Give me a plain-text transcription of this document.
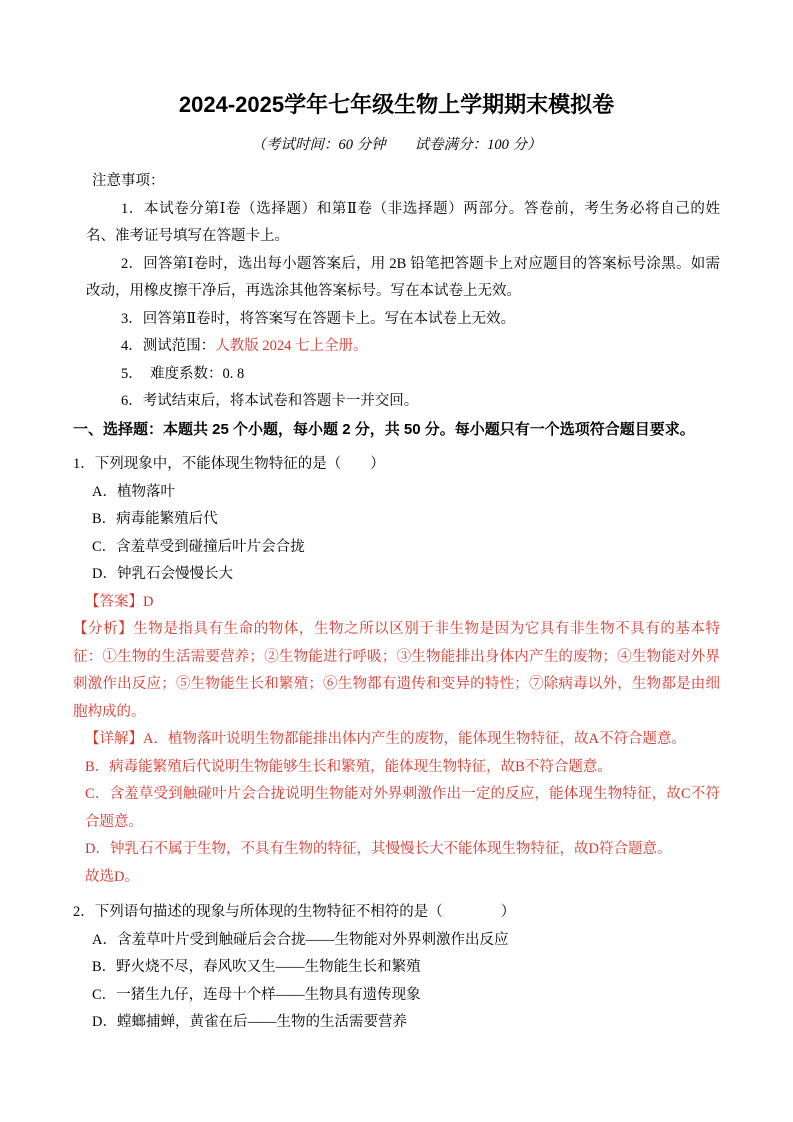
2024-2025学年七年级生物上学期期末模拟卷

（考试时间：60 分钟　　试卷满分：100 分）

注意事项：

1．本试卷分第Ⅰ卷（选择题）和第Ⅱ卷（非选择题）两部分。答卷前，考生务必将自己的姓名、准考证号填写在答题卡上。

2．回答第Ⅰ卷时，选出每小题答案后，用 2B 铅笔把答题卡上对应题目的答案标号涂黑。如需改动，用橡皮擦干净后，再选涂其他答案标号。写在本试卷上无效。

3．回答第Ⅱ卷时，将答案写在答题卡上。写在本试卷上无效。

4．测试范围：人教版 2024 七上全册。

5．　难度系数：0. 8

6．考试结束后，将本试卷和答题卡一并交回。

一、选择题：本题共 25 个小题，每小题 2 分，共 50 分。每小题只有一个选项符合题目要求。

1．下列现象中，不能体现生物特征的是（　　）

A．植物落叶

B．病毒能繁殖后代

C．含羞草受到碰撞后叶片会合拢

D．钟乳石会慢慢长大

【答案】D

【分析】生物是指具有生命的物体，生物之所以区别于非生物是因为它具有非生物不具有的基本特征：①生物的生活需要营养；②生物能进行呼吸；③生物能排出身体内产生的废物；④生物能对外界刺激作出反应；⑤生物能生长和繁殖；⑥生物都有遗传和变异的特性；⑦除病毒以外，生物都是由细胞构成的。

【详解】A．植物落叶说明生物都能排出体内产生的废物，能体现生物特征，故A不符合题意。

B．病毒能繁殖后代说明生物能够生长和繁殖，能体现生物特征，故B不符合题意。

C．含羞草受到触碰叶片会合拢说明生物能对外界刺激作出一定的反应，能体现生物特征，故C不符合题意。

D．钟乳石不属于生物，不具有生物的特征，其慢慢长大不能体现生物特征，故D符合题意。

故选D。

2．下列语句描述的现象与所体现的生物特征不相符的是（　　　　）

A．含羞草叶片受到触碰后会合拢——生物能对外界刺激作出反应

B．野火烧不尽，春风吹又生——生物能生长和繁殖

C．一猪生九仔，连母十个样——生物具有遗传现象

D．螳螂捕蝉，黄雀在后——生物的生活需要营养
